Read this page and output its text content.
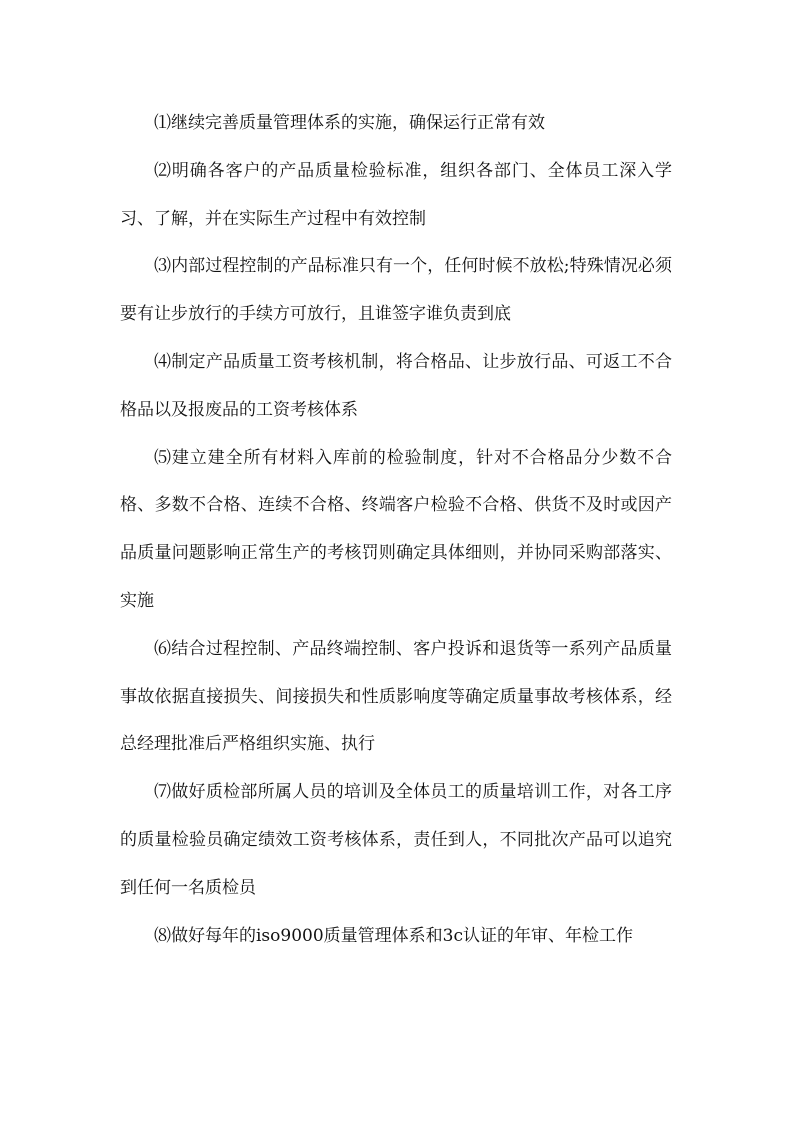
⑴继续完善质量管理体系的实施，确保运行正常有效

⑵明确各客户的产品质量检验标准，组织各部门、全体员工深入学习、了解，并在实际生产过程中有效控制

⑶内部过程控制的产品标准只有一个，任何时候不放松;特殊情况必须要有让步放行的手续方可放行，且谁签字谁负责到底

⑷制定产品质量工资考核机制，将合格品、让步放行品、可返工不合格品以及报废品的工资考核体系

⑸建立建全所有材料入库前的检验制度，针对不合格品分少数不合格、多数不合格、连续不合格、终端客户检验不合格、供货不及时或因产品质量问题影响正常生产的考核罚则确定具体细则，并协同采购部落实、实施

⑹结合过程控制、产品终端控制、客户投诉和退货等一系列产品质量事故依据直接损失、间接损失和性质影响度等确定质量事故考核体系，经总经理批准后严格组织实施、执行

⑺做好质检部所属人员的培训及全体员工的质量培训工作，对各工序的质量检验员确定绩效工资考核体系，责任到人，不同批次产品可以追究到任何一名质检员

⑻做好每年的iso9000质量管理体系和3c认证的年审、年检工作
